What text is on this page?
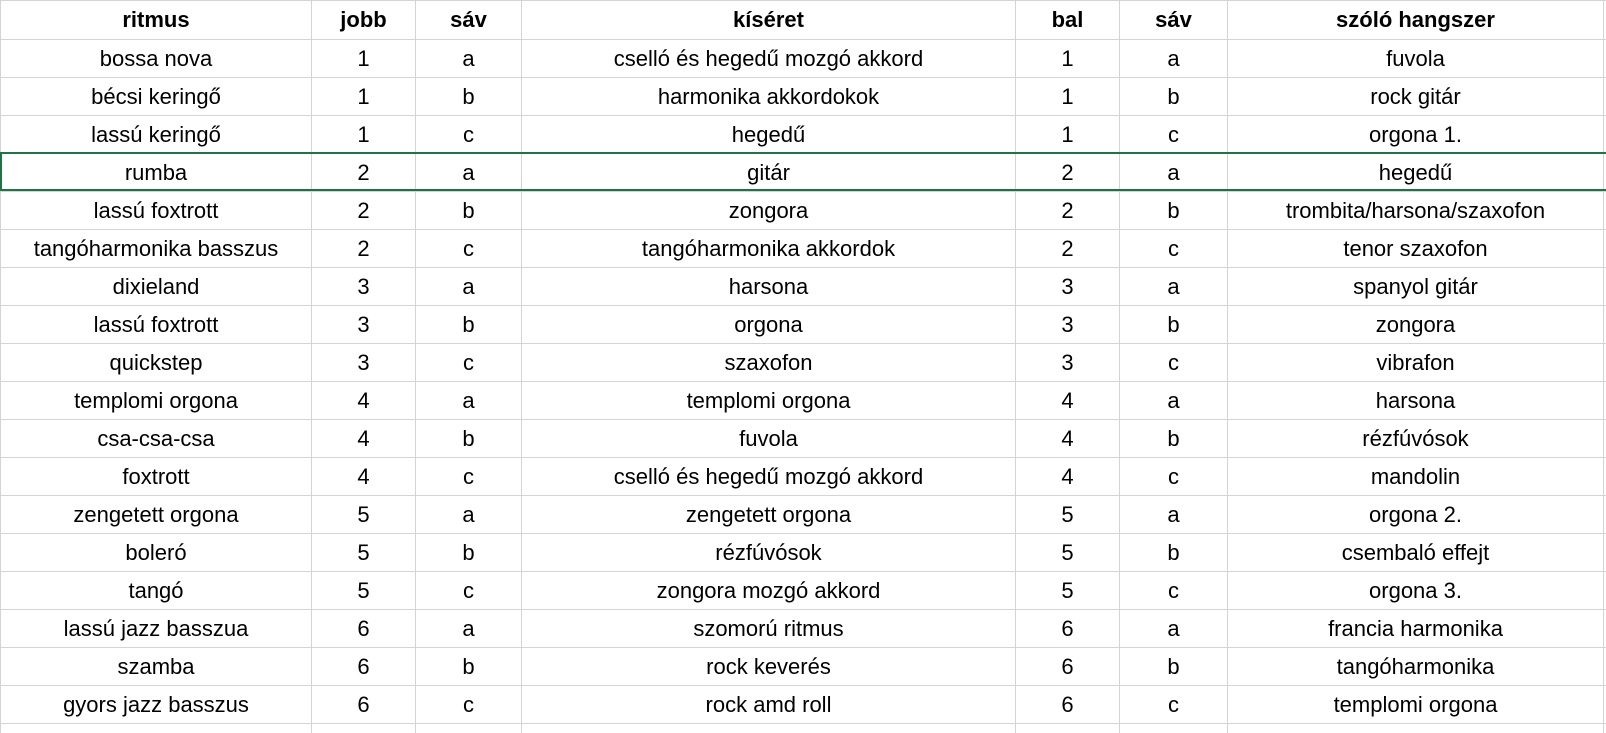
ritmus	jobb	sáv	kíséret	bal	sáv	szóló hangszer	
bossa nova	1	a	cselló és hegedű mozgó akkord	1	a	fuvola	
bécsi keringő	1	b	harmonika akkordokok	1	b	rock gitár	
lassú keringő	1	c	hegedű	1	c	orgona 1.	
rumba	2	a	gitár	2	a	hegedű	
lassú foxtrott	2	b	zongora	2	b	trombita/harsona/szaxofon	
tangóharmonika basszus	2	c	tangóharmonika akkordok	2	c	tenor szaxofon	
dixieland	3	a	harsona	3	a	spanyol gitár	
lassú foxtrott	3	b	orgona	3	b	zongora	
quickstep	3	c	szaxofon	3	c	vibrafon	
templomi orgona	4	a	templomi orgona	4	a	harsona	
csa-csa-csa	4	b	fuvola	4	b	rézfúvósok	
foxtrott	4	c	cselló és hegedű mozgó akkord	4	c	mandolin	
zengetett orgona	5	a	zengetett orgona	5	a	orgona 2.	
boleró	5	b	rézfúvósok	5	b	csembaló effejt	
tangó	5	c	zongora mozgó akkord	5	c	orgona 3.	
lassú jazz basszua	6	a	szomorú ritmus	6	a	francia harmonika	
szamba	6	b	rock keverés	6	b	tangóharmonika	
gyors jazz basszus	6	c	rock amd roll	6	c	templomi orgona	
